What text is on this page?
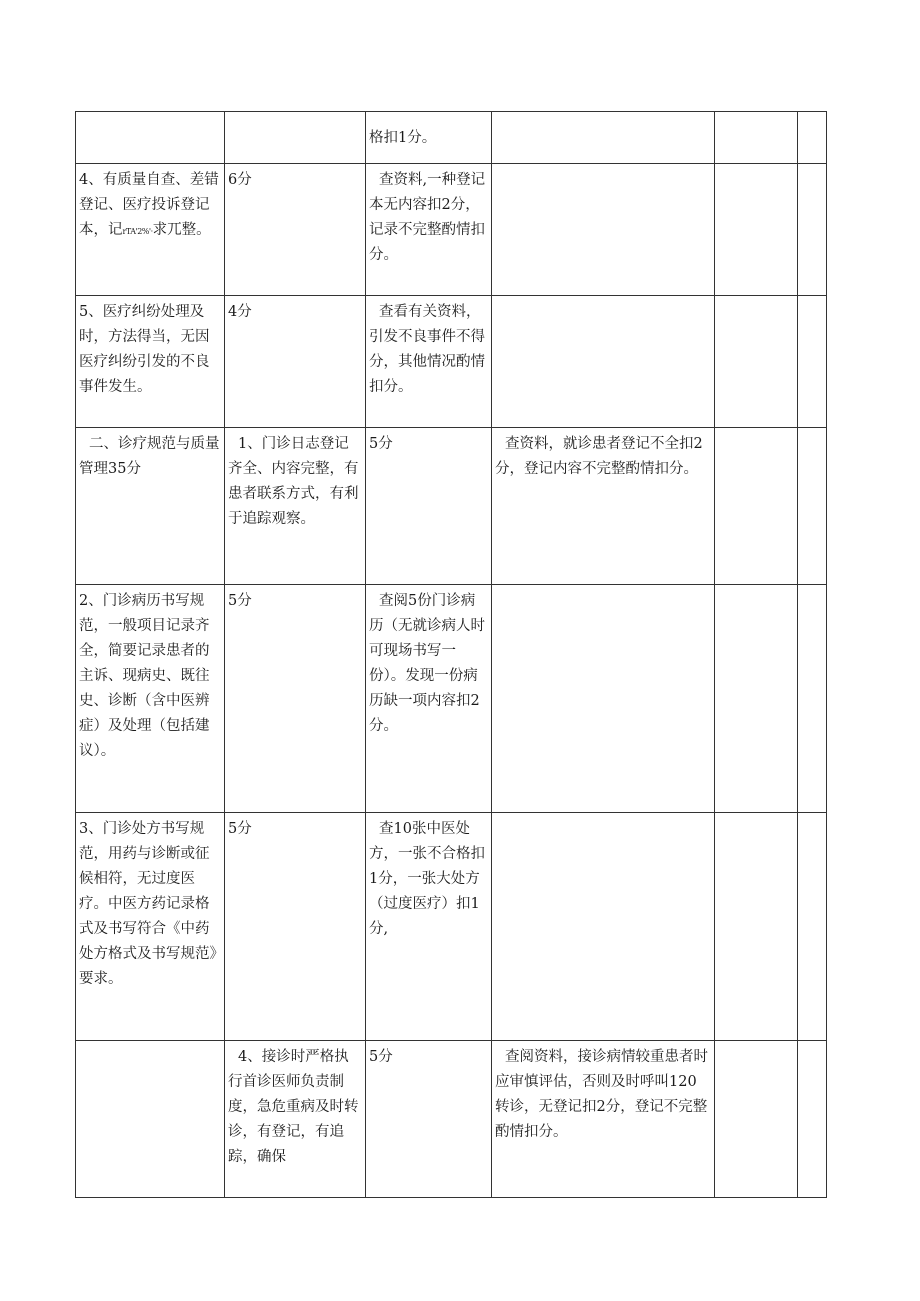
		格扣1分。			
4、有质量自查、差错登记、医疗投诉登记本，记rTA'2%'·求兀整。	6分	查资料,一种登记本无内容扣2分，记录不完整酌情扣分。			
5、医疗纠纷处理及时，方法得当，无因医疗纠纷引发的不良事件发生。	4分	查看有关资料，引发不良事件不得分，其他情况酌情扣分。			
二、诊疗规范与质量管理35分	1、门诊日志登记齐全、内容完整，有患者联系方式，有利于追踪观察。	5分	查资料，就诊患者登记不全扣2分，登记内容不完整酌情扣分。		
2、门诊病历书写规范，一般项目记录齐全，简要记录患者的主诉、现病史、既往史、诊断（含中医辨症）及处理（包括建议）。	5分	查阅5份门诊病历（无就诊病人时可现场书写一份）。发现一份病历缺一项内容扣2分。			
3、门诊处方书写规范，用药与诊断或征候相符，无过度医疗。中医方药记录格式及书写符合《中药处方格式及书写规范》要求。	5分	查10张中医处方，一张不合格扣1分，一张大处方（过度医疗）扣1分,			
	4、接诊时严格执行首诊医师负责制度，急危重病及时转诊，有登记，有追踪，确保	5分	查阅资料，接诊病情较重患者时应审慎评估，否则及时呼叫120转诊，无登记扣2分，登记不完整酌情扣分。		
